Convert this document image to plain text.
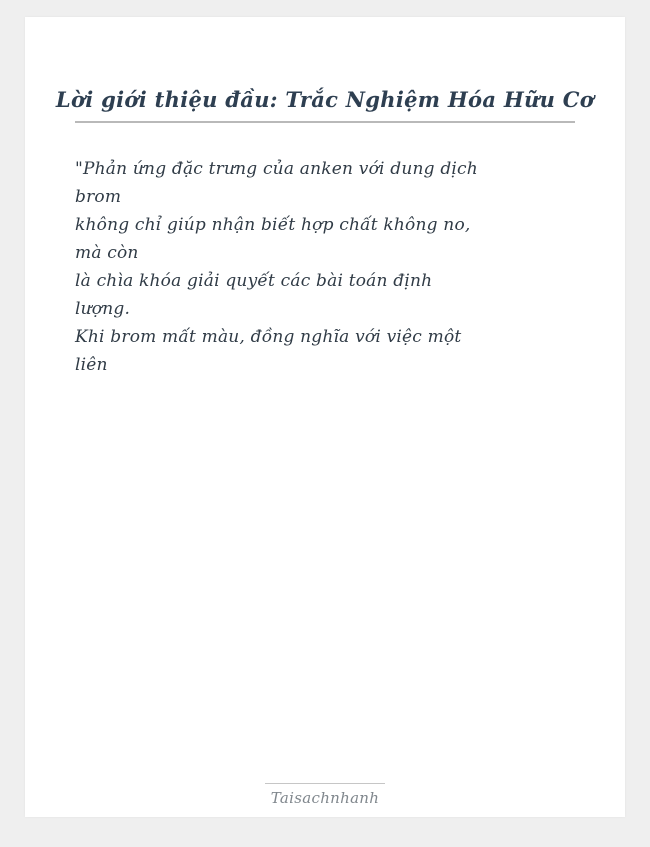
Lời giới thiệu đầu: Trắc Nghiệm Hóa Hữu Cơ

"Phản ứng đặc trưng của anken với dung dịch

brom

không chỉ giúp nhận biết hợp chất không no,

mà còn

là chìa khóa giải quyết các bài toán định

lượng.

Khi brom mất màu, đồng nghĩa với việc một

liên

Taisachnhanh
